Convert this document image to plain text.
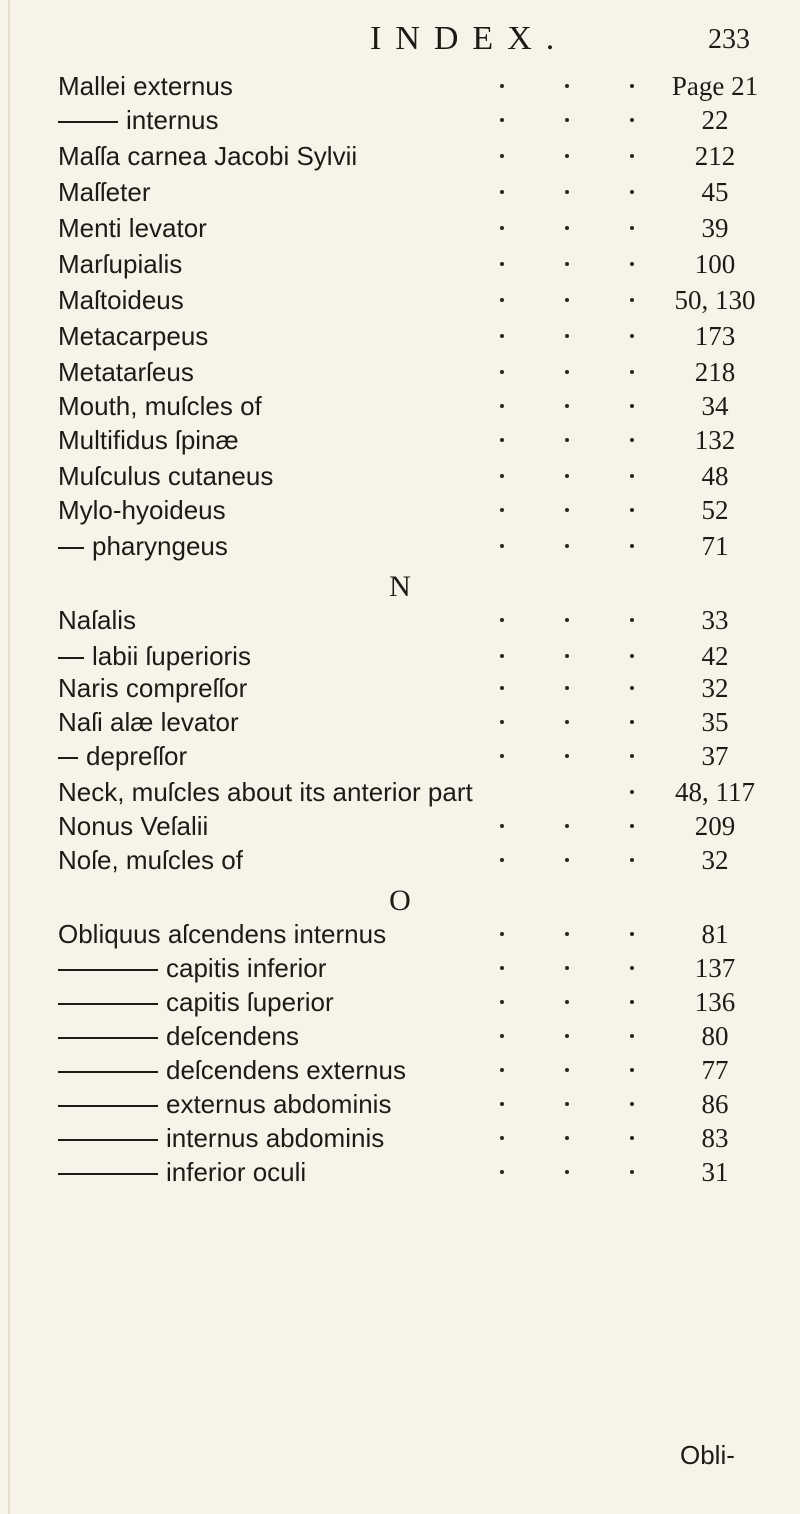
INDEX.	233
Mallei externus	Page 21
internus	22
Maſſa carnea Jacobi Sylvii	212
Maſſeter	45
Menti levator	39
Marſupialis	100
Maſtoideus	50, 130
Metacarpeus	173
Metatarſeus	218
Mouth, muſcles of	34
Multifidus ſpinæ	132
Muſculus cutaneus	48
Mylo-hyoideus	52
pharyngeus	71
N
Naſalis	33
labii ſuperioris	42
Naris compreſſor	32
Naſi alæ levator	35
depreſſor	37
Neck, muſcles about its anterior part	48, 117
Nonus Veſalii	209
Noſe, muſcles of	32
O
Obliquus aſcendens internus	81
capitis inferior	137
capitis ſuperior	136
deſcendens	80
deſcendens externus	77
externus abdominis	86
internus abdominis	83
inferior oculi	31
Obli-
